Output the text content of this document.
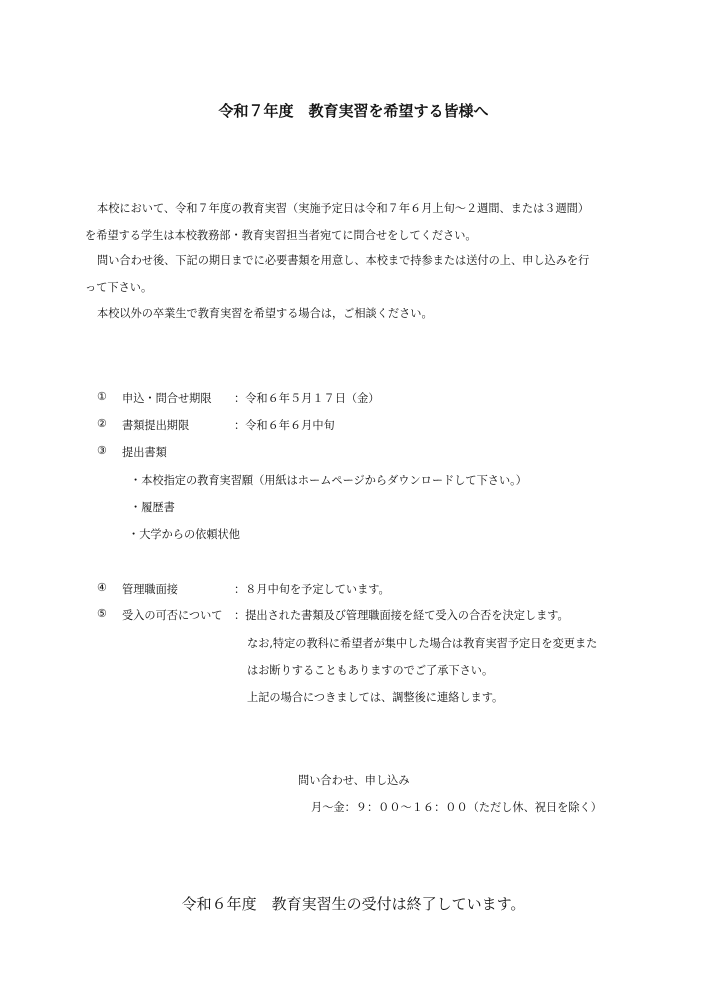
令和７年度　教育実習を希望する皆様へ
本校において、令和７年度の教育実習（実施予定日は令和７年６月上旬〜２週間、または３週間）
を希望する学生は本校教務部・教育実習担当者宛てに問合せをしてください。
問い合わせ後、下記の期日までに必要書類を用意し、本校まで持参または送付の上、申し込みを行
って下さい。
本校以外の卒業生で教育実習を希望する場合は，ご相談ください。
① 申込・問合せ期限 ：令和６年５月１７日（金）
② 書類提出期限	：令和６年６月中旬
③ 提出書類
・本校指定の教育実習願（用紙はホームページからダウンロードして下さい。）
・履歴書
・大学からの依頼状他
④ 管理職面接	：８月中旬を予定しています。
⑤ 受入の可否について ：提出された書類及び管理職面接を経て受入の合否を決定します。
なお,特定の教科に希望者が集中した場合は教育実習予定日を変更また
はお断りすることもありますのでご了承下さい。
上記の場合につきましては、調整後に連絡します。
問い合わせ、申し込み
月〜金：９：００〜１６：００（ただし休、祝日を除く）
令和６年度　教育実習生の受付は終了しています。
